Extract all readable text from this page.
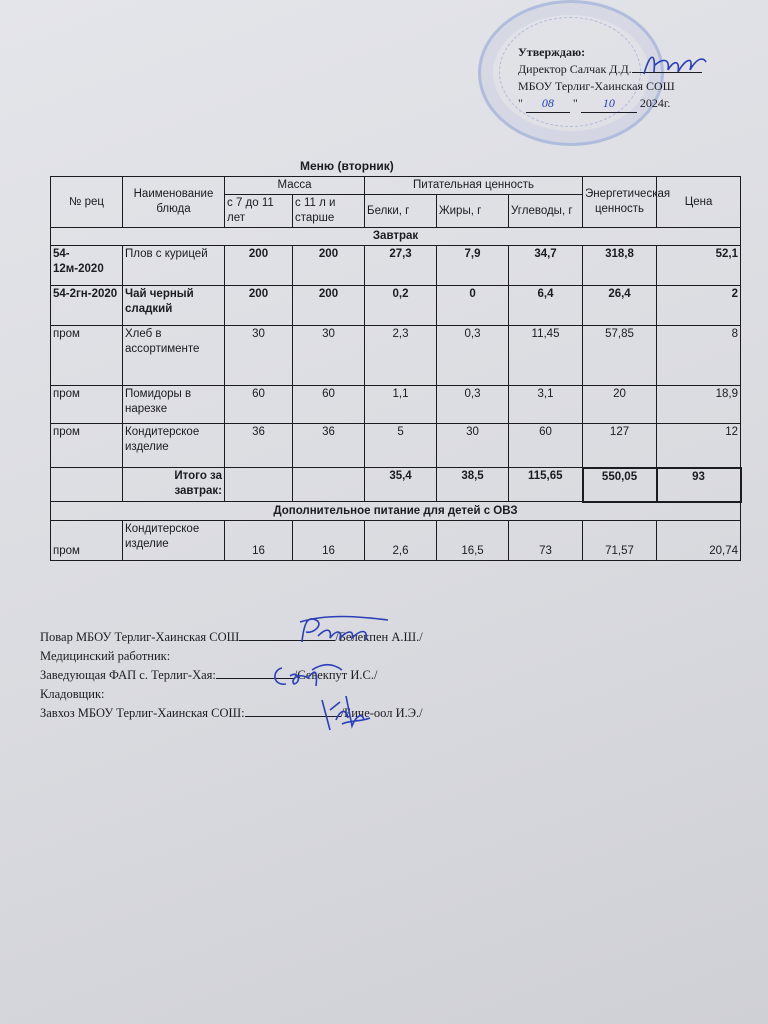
Утверждаю:
Директор Салчак Д.Д.
МБОУ Терлиг-Хаинская СОШ
" 08 " 10 2024г.
Меню (вторник)
№ рец	Наименование блюда	Масса		Питательная ценность			Энергетическая ценность	Цена
		с 7 до 11 лет	с 11 л и старше	Белки, г	Жиры, г	Углеводы, г		
Завтрак								
54-12м-2020	Плов с курицей	200	200	27,3	7,9	34,7	318,8	52,1
54-2гн-2020	Чай черный сладкий	200	200	0,2	0	6,4	26,4	2
пром	Хлеб в ассортименте	30	30	2,3	0,3	11,45	57,85	8
пром	Помидоры в нарезке	60	60	1,1	0,3	3,1	20	18,9
пром	Кондитерское изделие	36	36	5	30	60	127	12
	Итого за завтрак:			35,4	38,5	115,65	550,05	93
Дополнительное питание для детей с ОВЗ								
пром	Кондитерское изделие	16	16	2,6	16,5	73	71,57	20,74
Повар МБОУ Терлиг-Хаинская СОШ	/Белекпен А.Ш./
Медицинский работник:
Заведующая ФАП с. Терлиг-Хая:	/Севекпут И.С./
Кладовщик:
Завхоз МБОУ Терлиг-Хаинская СОШ:	/Биче-оол И.Э./
